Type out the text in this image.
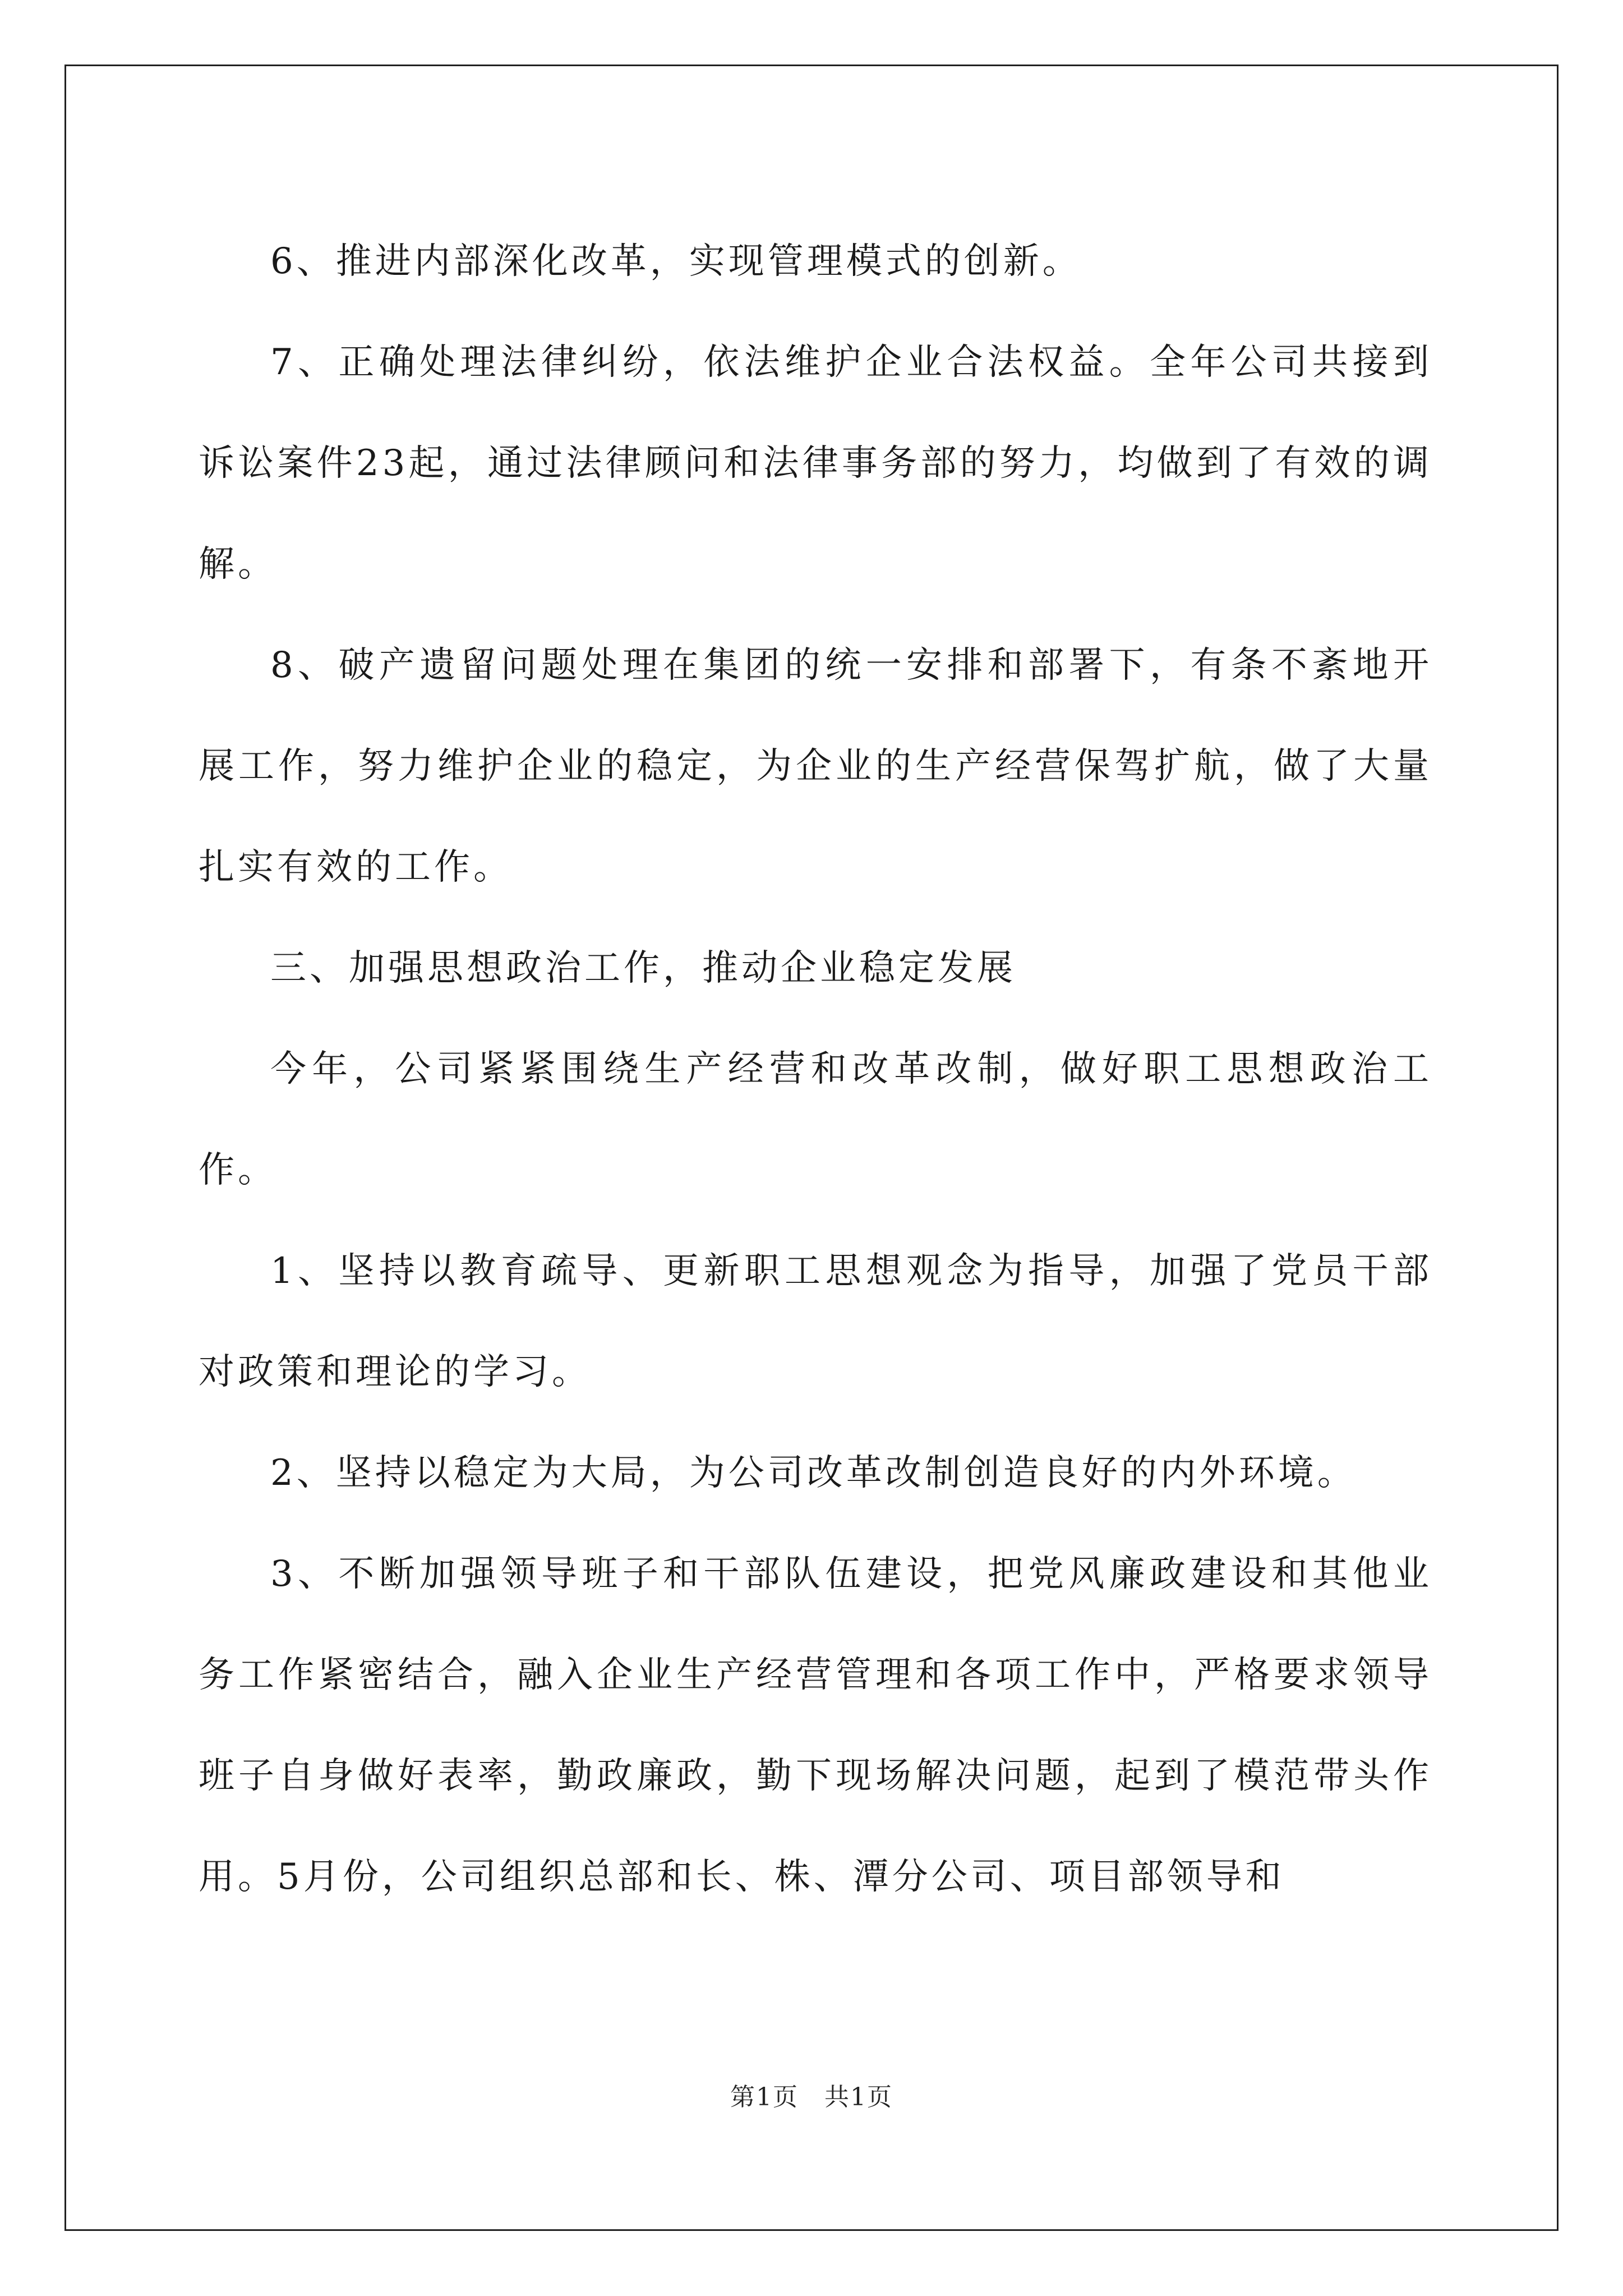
6、推进内部深化改革，实现管理模式的创新。

7、正确处理法律纠纷，依法维护企业合法权益。全年公司共接到诉讼案件23起，通过法律顾问和法律事务部的努力，均做到了有效的调解。

8、破产遗留问题处理在集团的统一安排和部署下，有条不紊地开展工作，努力维护企业的稳定，为企业的生产经营保驾扩航，做了大量扎实有效的工作。

三、加强思想政治工作，推动企业稳定发展

今年，公司紧紧围绕生产经营和改革改制，做好职工思想政治工作。

1、坚持以教育疏导、更新职工思想观念为指导，加强了党员干部对政策和理论的学习。

2、坚持以稳定为大局，为公司改革改制创造良好的内外环境。

3、不断加强领导班子和干部队伍建设，把党风廉政建设和其他业务工作紧密结合，融入企业生产经营管理和各项工作中，严格要求领导班子自身做好表率，勤政廉政，勤下现场解决问题，起到了模范带头作用。5月份，公司组织总部和长、株、潭分公司、项目部领导和

第1页　共1页
